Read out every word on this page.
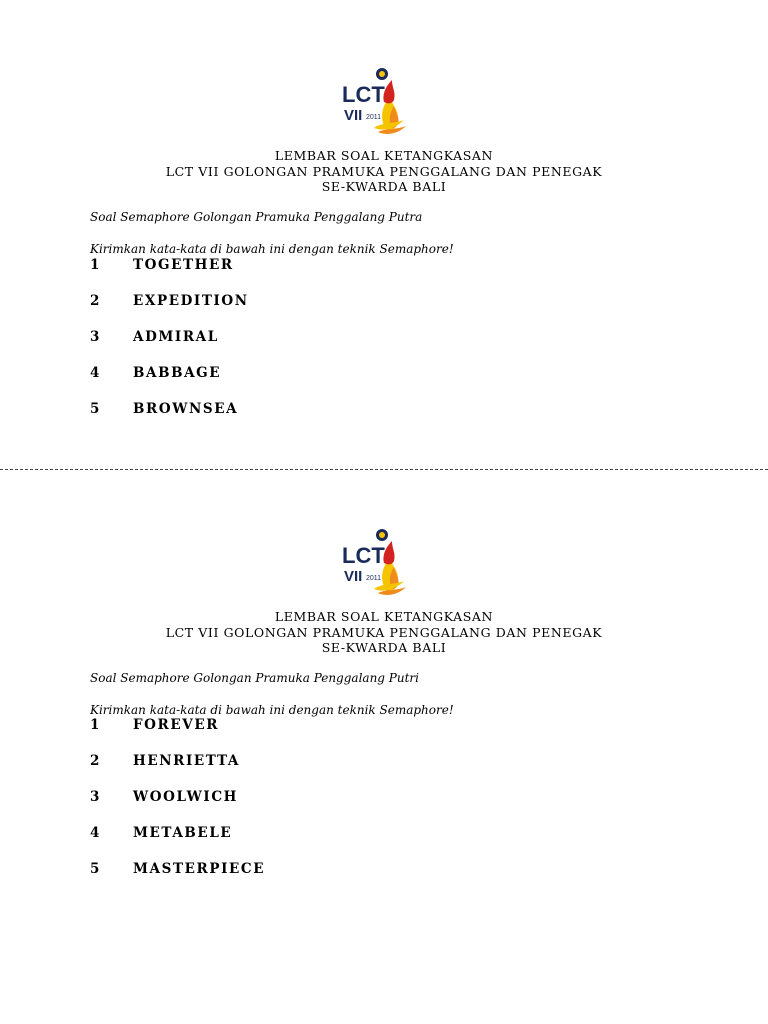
LCT
VII 2011
LEMBAR SOAL KETANGKASAN
LCT VII GOLONGAN PRAMUKA PENGGALANG DAN PENEGAK
SE-KWARDA BALI
Soal Semaphore Golongan Pramuka Penggalang Putra
Kirimkan kata-kata di bawah ini dengan teknik Semaphore!
1 TOGETHER
2 EXPEDITION
3 ADMIRAL
4 BABBAGE
5 BROWNSEA
LCT
VII 2011
LEMBAR SOAL KETANGKASAN
LCT VII GOLONGAN PRAMUKA PENGGALANG DAN PENEGAK
SE-KWARDA BALI
Soal Semaphore Golongan Pramuka Penggalang Putri
Kirimkan kata-kata di bawah ini dengan teknik Semaphore!
1 FOREVER
2 HENRIETTA
3 WOOLWICH
4 METABELE
5 MASTERPIECE
